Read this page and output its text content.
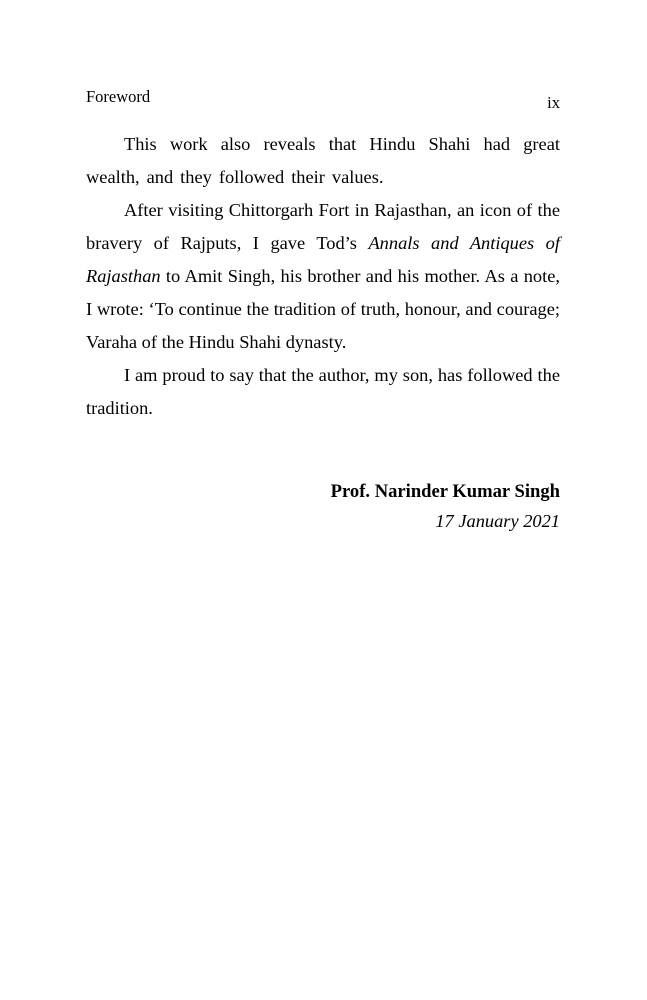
Foreword	ix

This work also reveals that Hindu Shahi had great wealth, and they followed their values.

After visiting Chittorgarh Fort in Rajasthan, an icon of the bravery of Rajputs, I gave Tod’s Annals and Antiques of Rajasthan to Amit Singh, his brother and his mother. As a note, I wrote: ‘To continue the tradition of truth, honour, and courage; Varaha of the Hindu Shahi dynasty.

I am proud to say that the author, my son, has followed the tradition.

Prof. Narinder Kumar Singh
17 January 2021
